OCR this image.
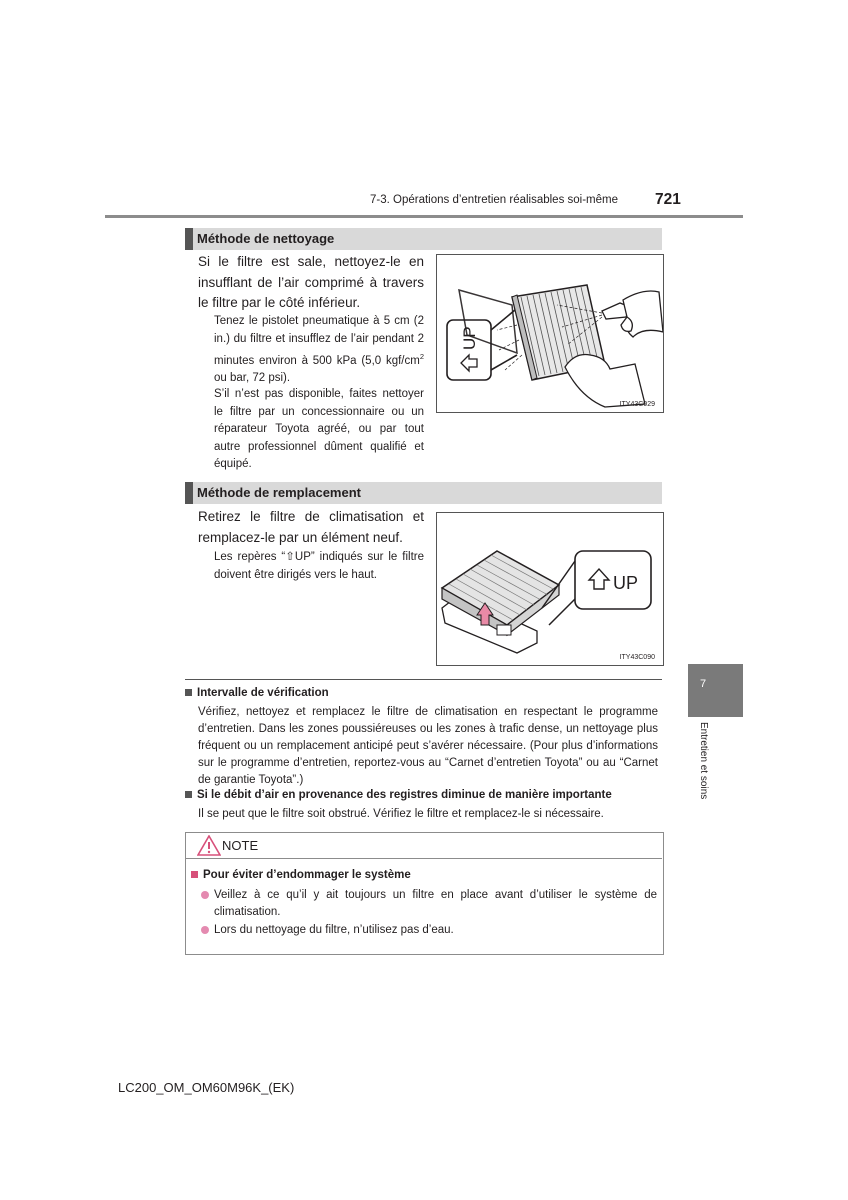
7-3. Opérations d’entretien réalisables soi-même 721
Méthode de nettoyage
Si le filtre est sale, nettoyez-le en insufflant de l’air comprimé à travers le filtre par le côté inférieur.
Tenez le pistolet pneumatique à 5 cm (2 in.) du filtre et insufflez de l’air pendant 2 minutes environ à 500 kPa (5,0 kgf/$cm^2$ ou bar, 72 psi).
S’il n’est pas disponible, faites nettoyer le filtre par un concessionnaire ou un réparateur Toyota agréé, ou par tout autre professionnel dûment qualifié et équipé.
UP
ITY43C029
Méthode de remplacement
Retirez le filtre de climatisation et remplacez-le par un élément neuf.
Les repères “⇧UP” indiqués sur le filtre doivent être dirigés vers le haut.	UP
ITY43C090
7
Entretien et soins
Intervalle de vérification
Vérifiez, nettoyez et remplacez le filtre de climatisation en respectant le programme d’entretien. Dans les zones poussiéreuses ou les zones à trafic dense, un nettoyage plus fréquent ou un remplacement anticipé peut s’avérer nécessaire. (Pour plus d’informations sur le programme d’entretien, reportez-vous au “Carnet d’entretien Toyota” ou au “Carnet de garantie Toyota”.)
Si le débit d’air en provenance des registres diminue de manière importante
Il se peut que le filtre soit obstrué. Vérifiez le filtre et remplacez-le si nécessaire.
NOTE
Pour éviter d’endommager le système
Veillez à ce qu’il y ait toujours un filtre en place avant d’utiliser le système de climatisation.
Lors du nettoyage du filtre, n’utilisez pas d’eau.
LC200_OM_OM60M96K_(EK)
